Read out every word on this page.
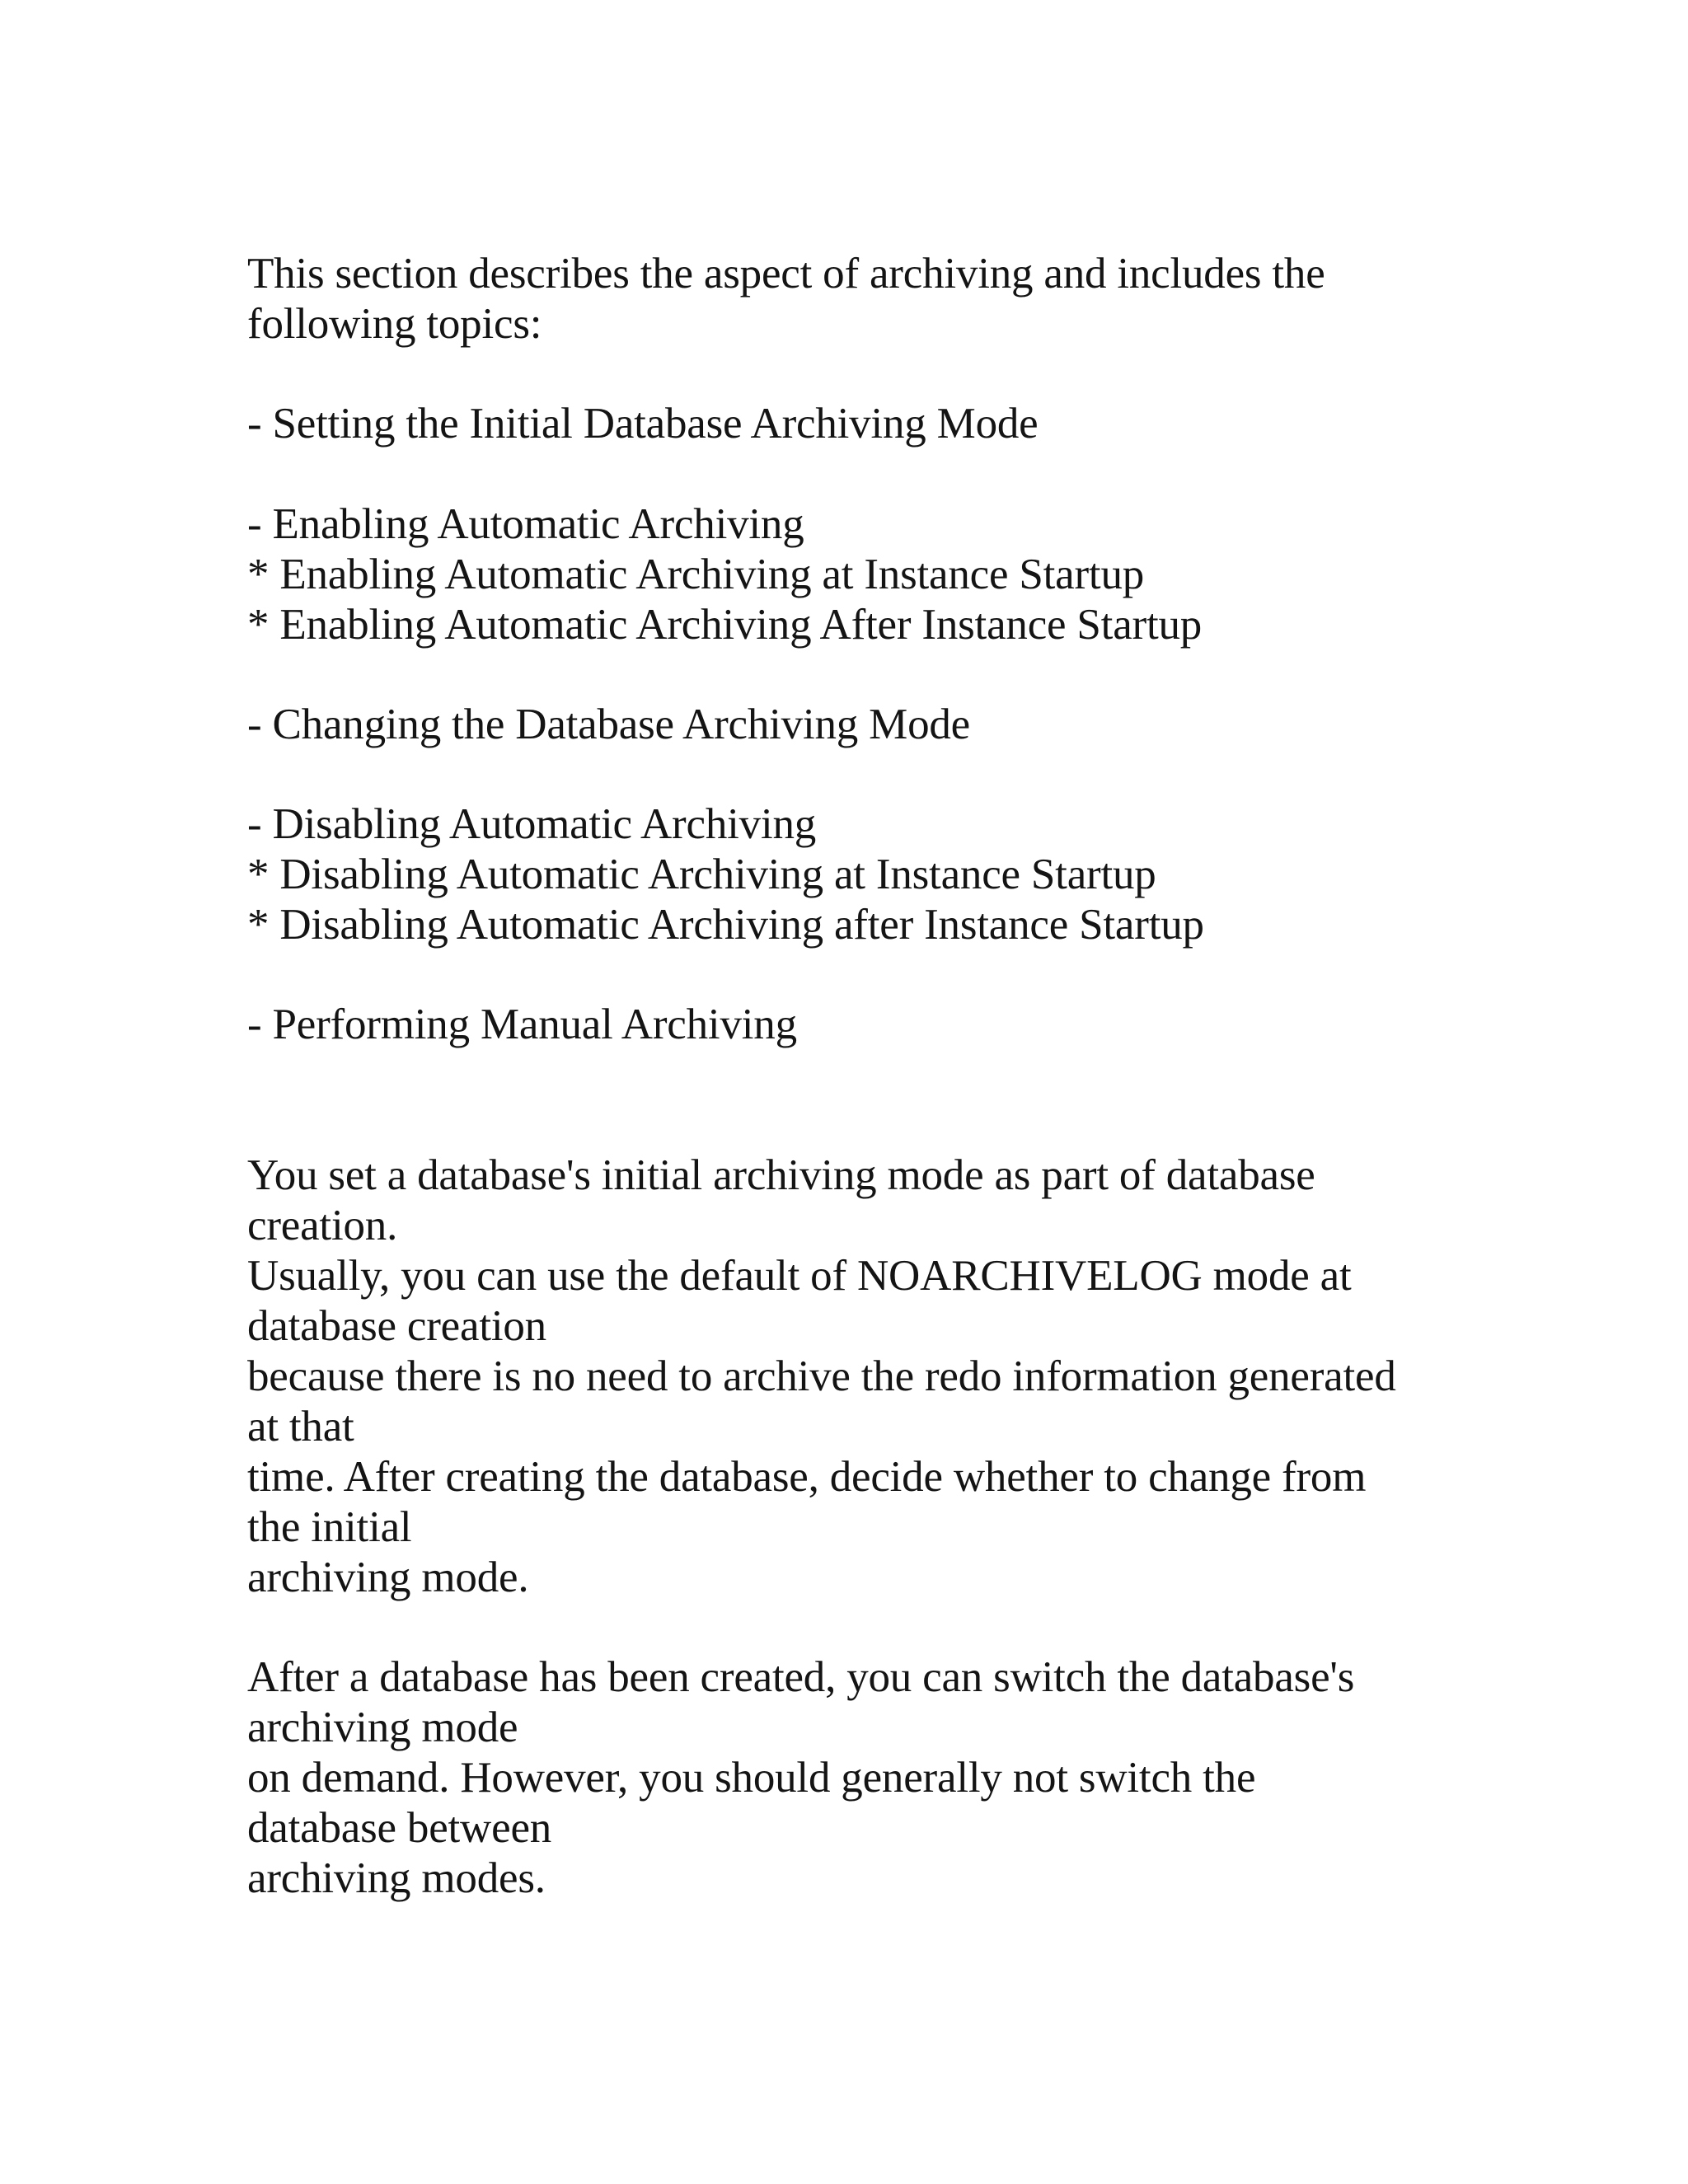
This section describes the aspect of archiving and includes the
following topics:
- Setting the Initial Database Archiving Mode
- Enabling Automatic Archiving
* Enabling Automatic Archiving at Instance Startup
* Enabling Automatic Archiving After Instance Startup
- Changing the Database Archiving Mode
- Disabling Automatic Archiving
* Disabling Automatic Archiving at Instance Startup
* Disabling Automatic Archiving after Instance Startup
- Performing Manual Archiving
You set a database's initial archiving mode as part of database
creation.
Usually, you can use the default of NOARCHIVELOG mode at
database creation
because there is no need to archive the redo information generated
at that
time. After creating the database, decide whether to change from
the initial
archiving mode.
After a database has been created, you can switch the database's
archiving mode
on demand. However, you should generally not switch the
database between
archiving modes.
